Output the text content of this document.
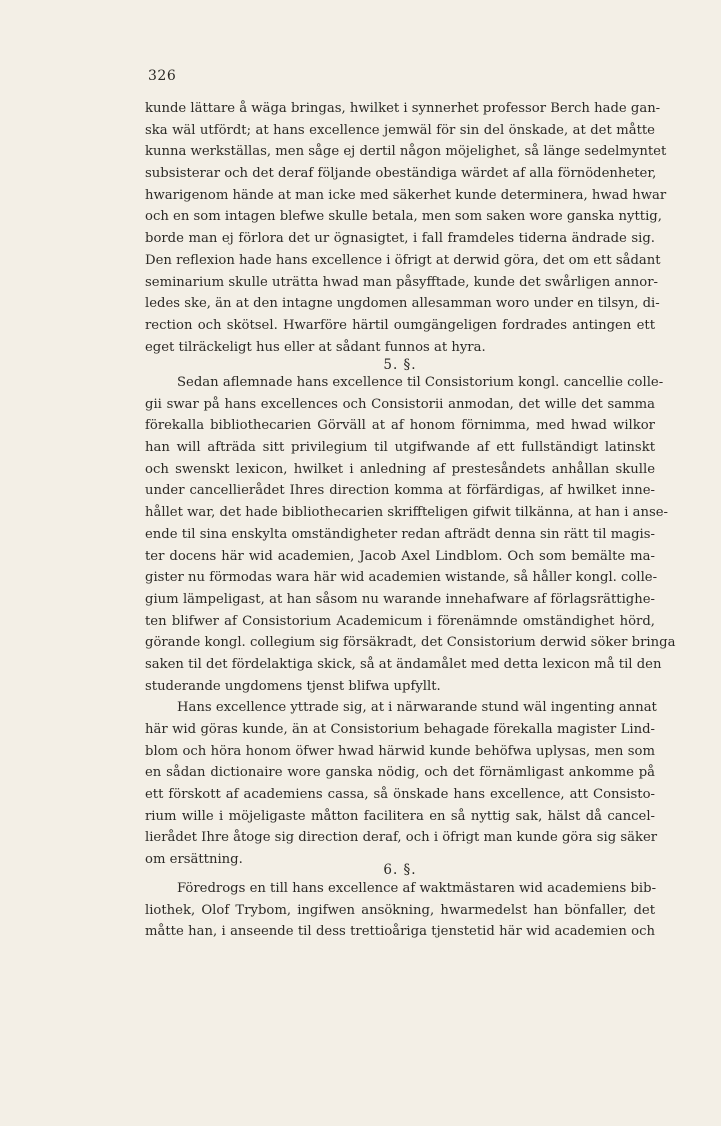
326
kunde lättare å wäga bringas, hwilket i synnerhet professor Berch hade gan-
ska wäl utfördt; at hans excellence jemwäl för sin del önskade, at det måtte
kunna werkställas, men såge ej dertil någon möjelighet, så länge sedelmyntet
subsisterar och det deraf följande obeständiga wärdet af alla förnödenheter,
hwarigenom hände at man icke med säkerhet kunde determinera, hwad hwar
och en som intagen blefwe skulle betala, men som saken wore ganska nyttig,
borde man ej förlora det ur ögnasigtet, i fall framdeles tiderna ändrade sig.
Den reflexion hade hans excellence i öfrigt at derwid göra, det om ett sådant
seminarium skulle uträtta hwad man påsyfftade, kunde det swårligen annor-
ledes ske, än at den intagne ungdomen allesamman woro under en tilsyn, di-
rection och skötsel. Hwarföre härtil oumgängeligen fordrades antingen ett
eget tilräckeligt hus eller at sådant funnos at hyra.
5. §.
Sedan aflemnade hans excellence til Consistorium kongl. cancellie colle-
gii swar på hans excellences och Consistorii anmodan, det wille det samma
förekalla bibliothecarien Görväll at af honom förnimma, med hwad wilkor
han will afträda sitt privilegium til utgifwande af ett fullständigt latinskt
och swenskt lexicon, hwilket i anledning af prestesåndets anhållan skulle
under cancellierådet Ihres direction komma at förfärdigas, af hwilket inne-
hållet war, det hade bibliothecarien skriffteligen gifwit tilkänna, at han i anse-
ende til sina enskylta omständigheter redan afträdt denna sin rätt til magis-
ter docens här wid academien, Jacob Axel Lindblom. Och som bemälte ma-
gister nu förmodas wara här wid academien wistande, så håller kongl. colle-
gium lämpeligast, at han såsom nu warande innehafware af förlagsrättighe-
ten blifwer af Consistorium Academicum i förenämnde omständighet hörd,
görande kongl. collegium sig försäkradt, det Consistorium derwid söker bringa
saken til det fördelaktiga skick, så at ändamålet med detta lexicon må til den
studerande ungdomens tjenst blifwa upfyllt.
Hans excellence yttrade sig, at i närwarande stund wäl ingenting annat
här wid göras kunde, än at Consistorium behagade förekalla magister Lind-
blom och höra honom öfwer hwad härwid kunde behöfwa uplysas, men som
en sådan dictionaire wore ganska nödig, och det förnämligast ankomme på
ett förskott af academiens cassa, så önskade hans excellence, att Consisto-
rium wille i möjeligaste måtton facilitera en så nyttig sak, hälst då cancel-
lierådet Ihre åtoge sig direction deraf, och i öfrigt man kunde göra sig säker
om ersättning.
6. §.
Föredrogs en till hans excellence af waktmästaren wid academiens bib-
liothek, Olof Trybom, ingifwen ansökning, hwarmedelst han bönfaller, det
måtte han, i anseende til dess trettioåriga tjenstetid här wid academien och
